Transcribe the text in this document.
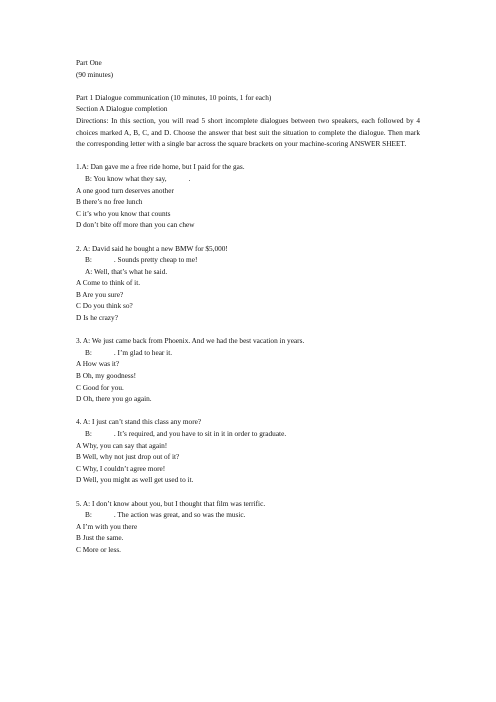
Part One
(90 minutes)
Part 1 Dialogue communication (10 minutes, 10 points, 1 for each)
Section A Dialogue completion
Directions: In this section, you will read 5 short incomplete dialogues between two speakers, each followed by 4 choices marked A, B, C, and D. Choose the answer that best suit the situation to complete the dialogue. Then mark the corresponding letter with a single bar across the square brackets on your machine-scoring ANSWER SHEET.
1.A: Dan gave me a free ride home, but I paid for the gas.
B: You know what they say,	.
A one good turn deserves another
B there’s no free lunch
C it’s who you know that counts
D don’t bite off more than you can chew
2. A: David said he bought a new BMW for $5,000!
B:	. Sounds pretty cheap to me!
A: Well, that’s what he said.
A Come to think of it.
B Are you sure?
C Do you think so?
D Is he crazy?
3. A: We just came back from Phoenix. And we had the best vacation in years.
B:	. I’m glad to hear it.
A How was it?
B Oh, my goodness!
C Good for you.
D Oh, there you go again.
4. A: I just can’t stand this class any more?
B:	. It’s required, and you have to sit in it in order to graduate.
A Why, you can say that again!
B Well, why not just drop out of it?
C Why, I couldn’t agree more!
D Well, you might as well get used to it.
5. A: I don’t know about you, but I thought that film was terrific.
B:	. The action was great, and so was the music.
A I’m with you there
B Just the same.
C More or less.
